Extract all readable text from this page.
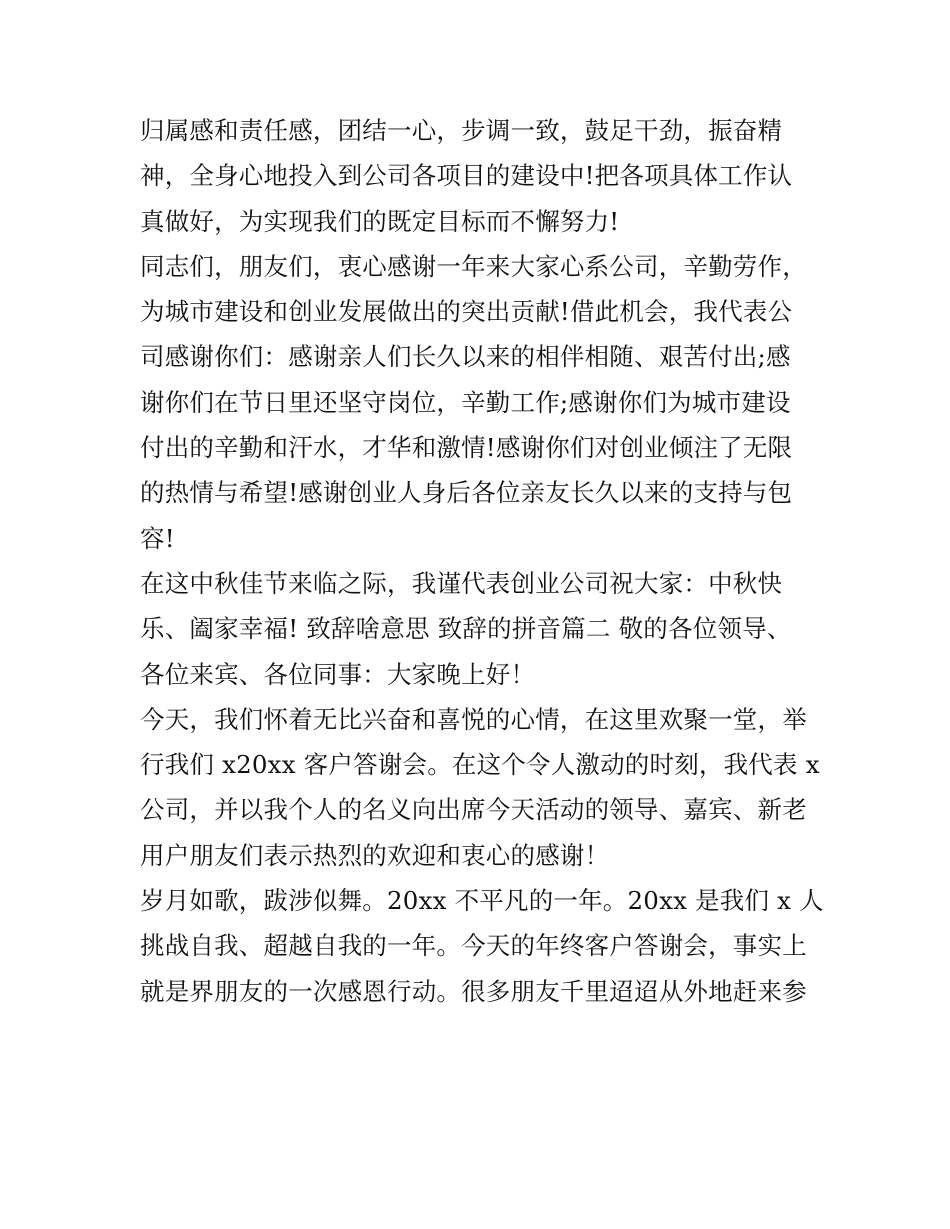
归属感和责任感，团结一心，步调一致，鼓足干劲，振奋精

神，全身心地投入到公司各项目的建设中!把各项具体工作认

真做好，为实现我们的既定目标而不懈努力!

同志们，朋友们，衷心感谢一年来大家心系公司，辛勤劳作，

为城市建设和创业发展做出的突出贡献!借此机会，我代表公

司感谢你们：感谢亲人们长久以来的相伴相随、艰苦付出;感

谢你们在节日里还坚守岗位，辛勤工作;感谢你们为城市建设

付出的辛勤和汗水，才华和激情!感谢你们对创业倾注了无限

的热情与希望!感谢创业人身后各位亲友长久以来的支持与包

容!

在这中秋佳节来临之际，我谨代表创业公司祝大家：中秋快

乐、阖家幸福! 致辞啥意思 致辞的拼音篇二 敬的各位领导、

各位来宾、各位同事：大家晚上好！

今天，我们怀着无比兴奋和喜悦的心情，在这里欢聚一堂，举

行我们 x20xx 客户答谢会。在这个令人激动的时刻，我代表 x

公司，并以我个人的名义向出席今天活动的领导、嘉宾、新老

用户朋友们表示热烈的欢迎和衷心的感谢！

岁月如歌，跋涉似舞。20xx 不平凡的一年。20xx 是我们 x 人

挑战自我、超越自我的一年。今天的年终客户答谢会，事实上

就是界朋友的一次感恩行动。很多朋友千里迢迢从外地赶来参
